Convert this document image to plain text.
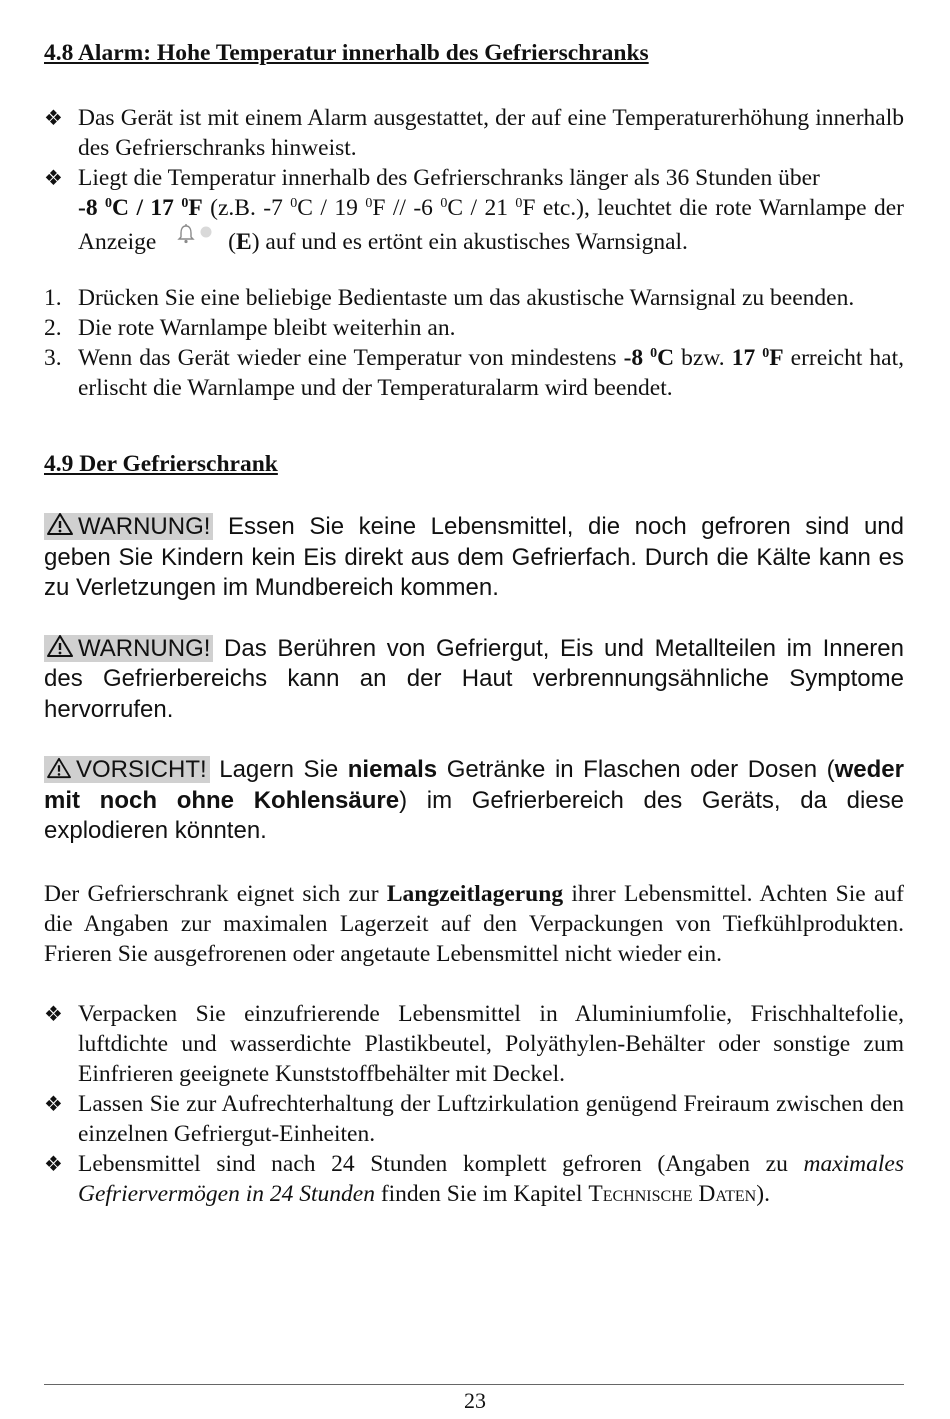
4.8 Alarm: Hohe Temperatur innerhalb des Gefrierschranks
❖ Das Gerät ist mit einem Alarm ausgestattet, der auf eine Temperaturerhöhung innerhalb des Gefrierschranks hinweist.
❖ Liegt die Temperatur innerhalb des Gefrierschranks länger als 36 Stunden über
-8 $^0$C / 17 $^0$F (z.B. -7 $^0$C / 19 $^0$F // -6 $^0$C / 21 $^0$F etc.), leuchtet die rote Warnlampe der Anzeige	(E) auf und es ertönt ein akustisches Warnsignal.
1. Drücken Sie eine beliebige Bedientaste um das akustische Warnsignal zu beenden.
2. Die rote Warnlampe bleibt weiterhin an.
3. Wenn das Gerät wieder eine Temperatur von mindestens -8 $^0$C bzw. 17 $^0$F erreicht hat, erlischt die Warnlampe und der Temperaturalarm wird beendet.
4.9 Der Gefrierschrank

WARNUNG! Essen Sie keine Lebensmittel, die noch gefroren sind und geben Sie Kindern kein Eis direkt aus dem Gefrierfach. Durch die Kälte kann es zu Verletzungen im Mundbereich kommen.

WARNUNG! Das Berühren von Gefriergut, Eis und Metallteilen im Inneren des Gefrierbereichs kann an der Haut verbrennungsähnliche Symptome hervorrufen.

VORSICHT! Lagern Sie niemals Getränke in Flaschen oder Dosen (weder mit noch ohne Kohlensäure) im Gefrierbereich des Geräts, da diese explodieren könnten.

Der Gefrierschrank eignet sich zur Langzeitlagerung ihrer Lebensmittel. Achten Sie auf die Angaben zur maximalen Lagerzeit auf den Verpackungen von Tiefkühlprodukten. Frieren Sie ausgefrorenen oder angetaute Lebensmittel nicht wieder ein.

❖ Verpacken Sie einzufrierende Lebensmittel in Aluminiumfolie, Frischhaltefolie, luftdichte und wasserdichte Plastikbeutel, Polyäthylen-Behälter oder sonstige zum Einfrieren geeignete Kunststoffbehälter mit Deckel.
❖ Lassen Sie zur Aufrechterhaltung der Luftzirkulation genügend Freiraum zwischen den einzelnen Gefriergut-Einheiten.
❖ Lebensmittel sind nach 24 Stunden komplett gefroren (Angaben zu maximales Gefriervermögen in 24 Stunden finden Sie im Kapitel Technische Daten).
23
